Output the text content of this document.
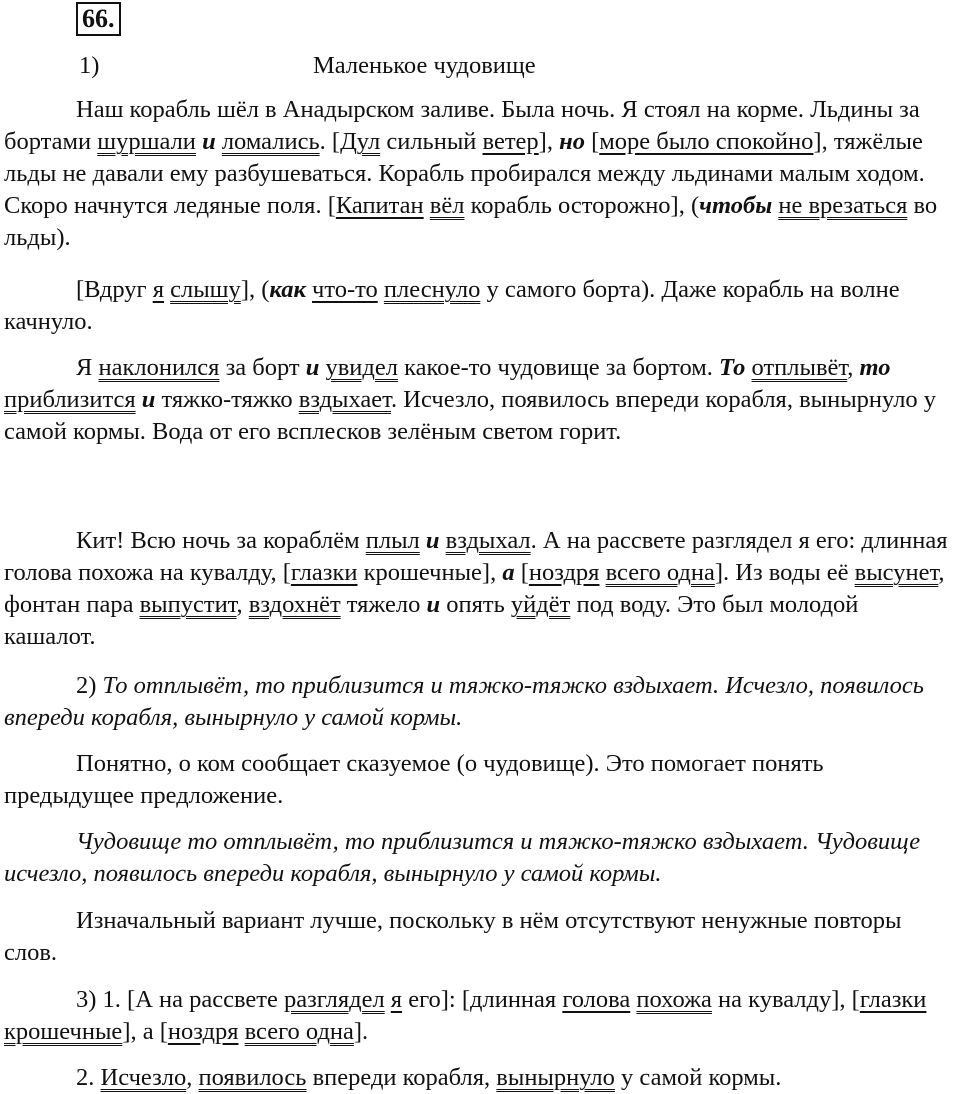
66.
1)	Маленькое чудовище

Наш корабль шёл в Анадырском заливе. Была ночь. Я стоял на корме. Льдины за бортами шуршали и ломались. [Дул сильный ветер], но [море было спокойно], тяжёлые льды не давали ему разбушеваться. Корабль пробирался между льдинами малым ходом. Скоро начнутся ледяные поля. [Капитан вёл корабль осторожно], (чтобы не врезаться во льды).

[Вдруг я слышу], (как что-то плеснуло у самого борта). Даже корабль на волне качнуло.

Я наклонился за борт и увидел какое-то чудовище за бортом. То отплывёт, то приблизится и тяжко-тяжко вздыхает. Исчезло, появилось впереди корабля, вынырнуло у самой кормы. Вода от его всплесков зелёным светом горит.

Кит! Всю ночь за кораблём плыл и вздыхал. А на рассвете разглядел я его: длинная голова похожа на кувалду, [глазки крошечные], а [ноздря всего одна]. Из воды её высунет, фонтан пара выпустит, вздохнёт тяжело и опять уйдёт под воду. Это был молодой кашалот.

2) То отплывёт, то приблизится и тяжко-тяжко вздыхает. Исчезло, появилось впереди корабля, вынырнуло у самой кормы.

Понятно, о ком сообщает сказуемое (о чудовище). Это помогает понять предыдущее предложение.

Чудовище то отплывёт, то приблизится и тяжко-тяжко вздыхает. Чудовище исчезло, появилось впереди корабля, вынырнуло у самой кормы.

Изначальный вариант лучше, поскольку в нём отсутствуют ненужные повторы слов.

3) 1. [А на рассвете разглядел я его]: [длинная голова похожа на кувалду], [глазки крошечные], а [ноздря всего одна].

2. Исчезло, появилось впереди корабля, вынырнуло у самой кормы.
